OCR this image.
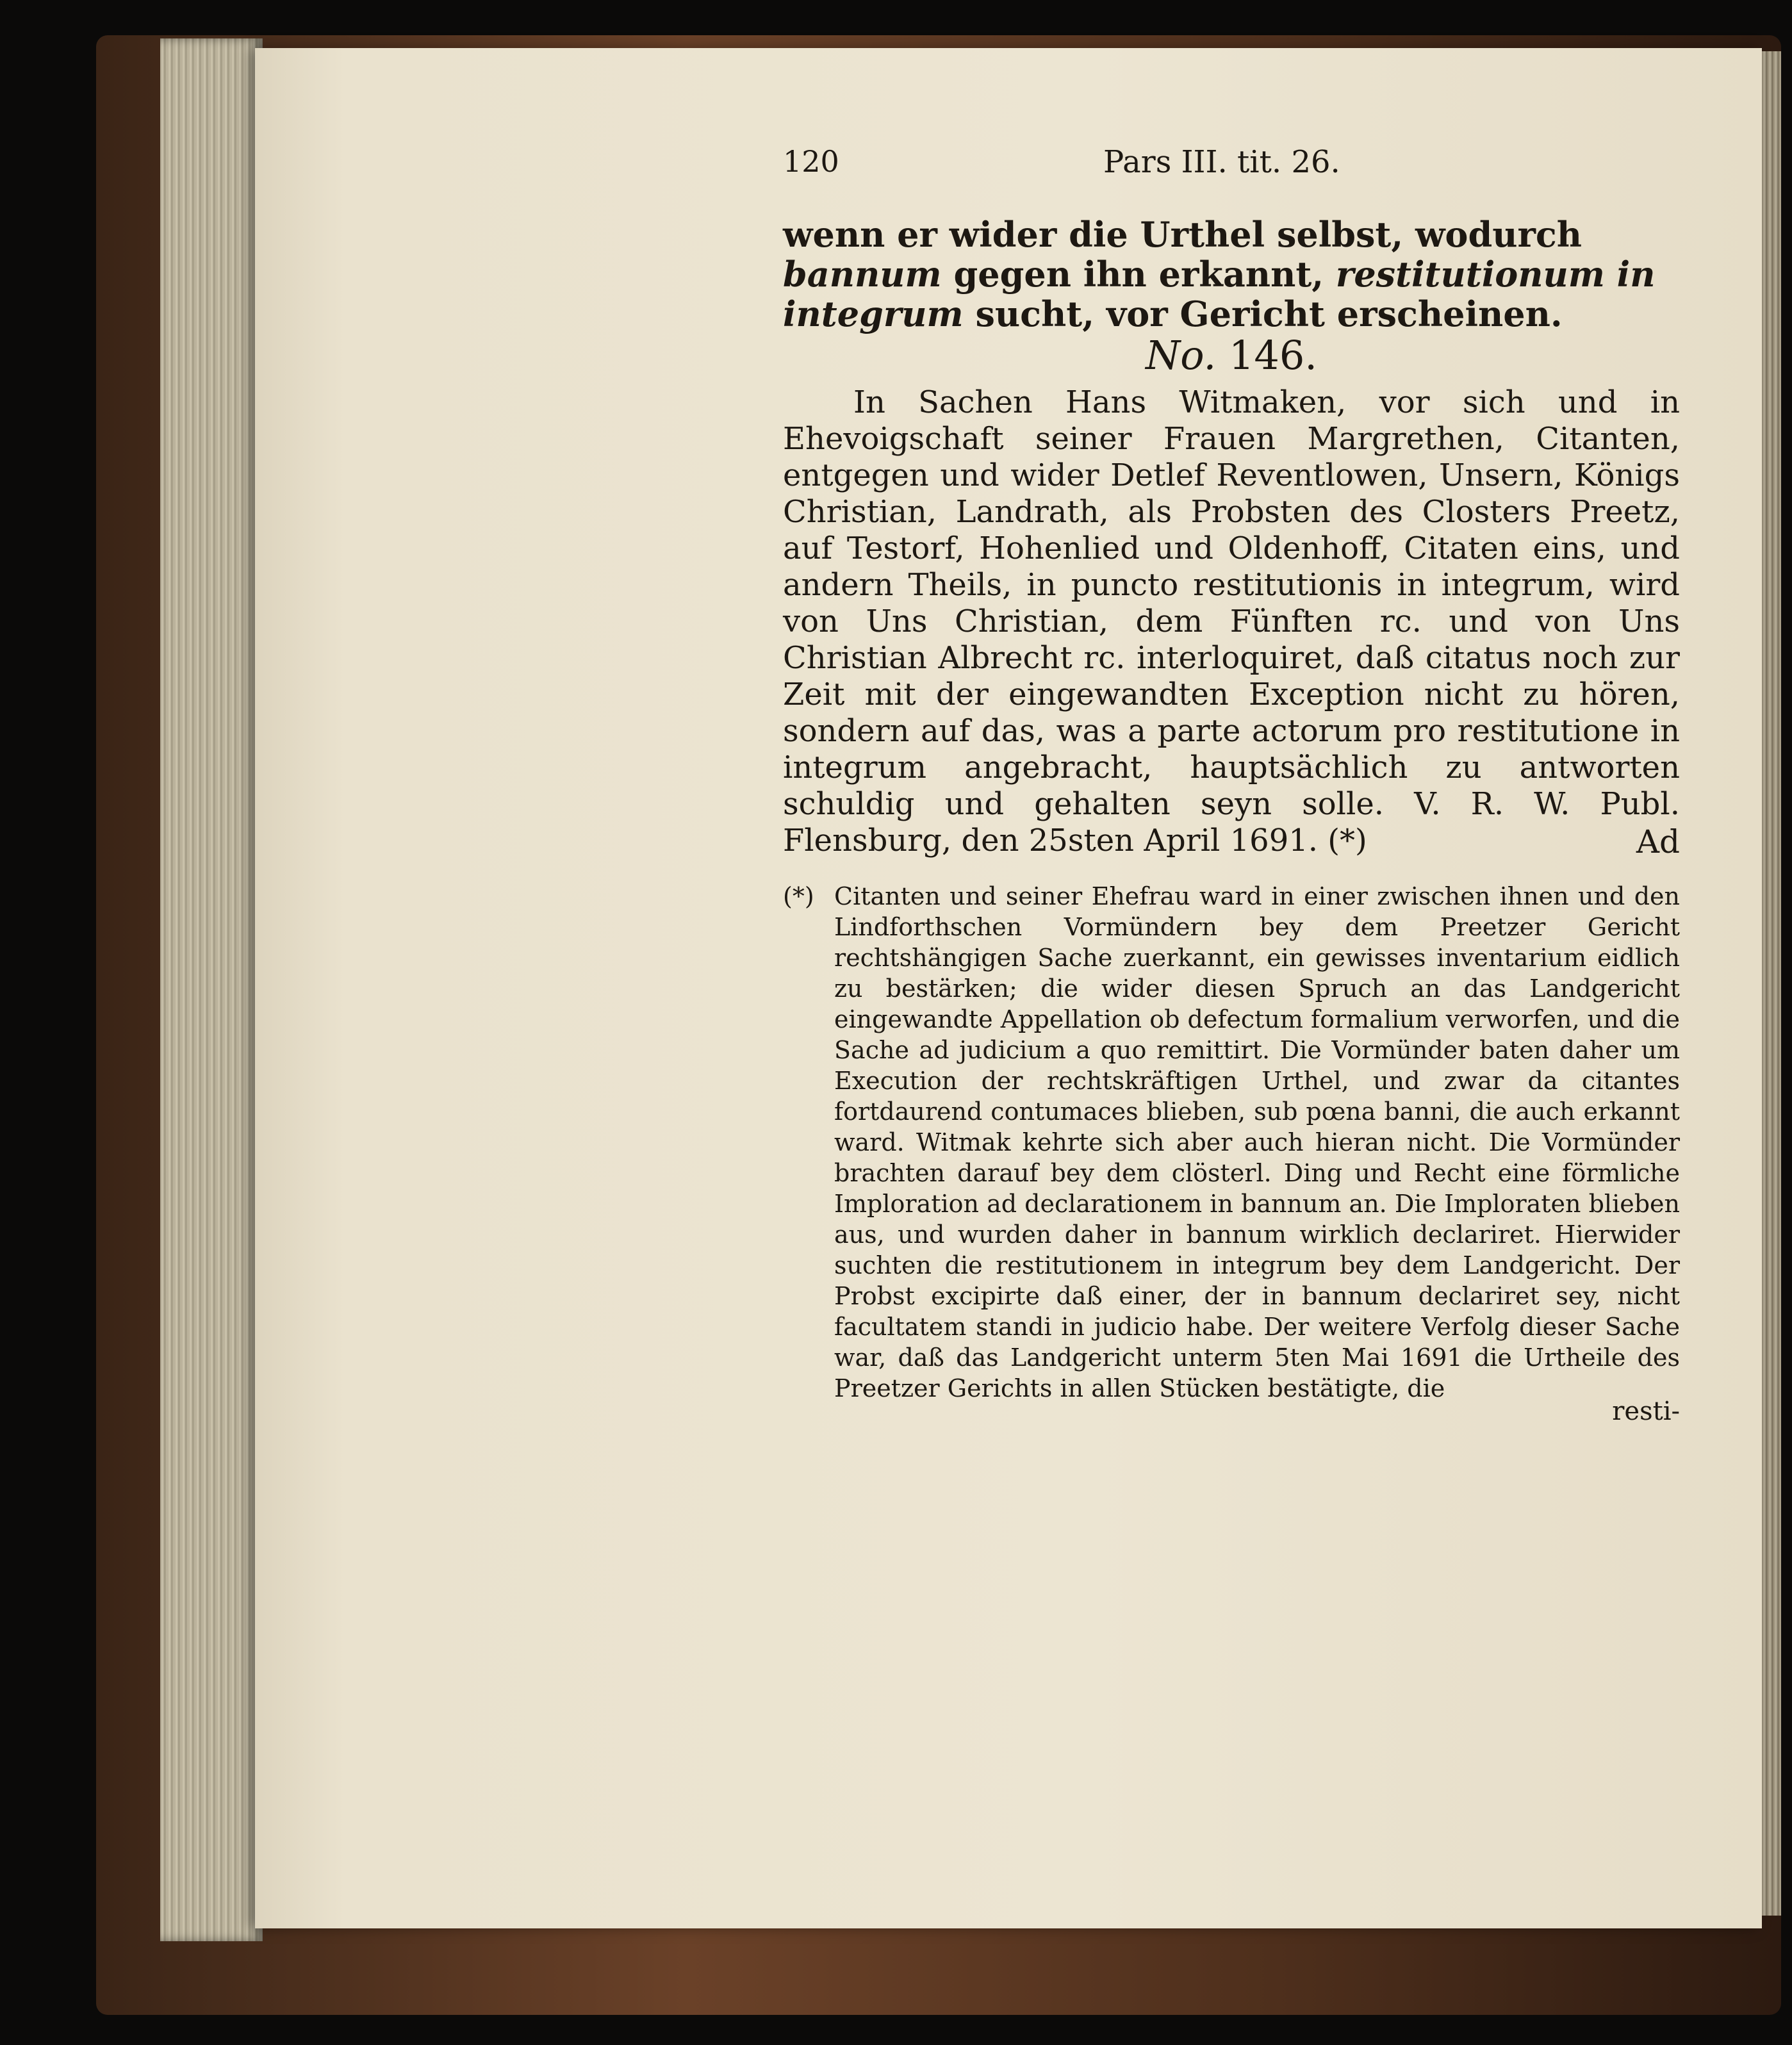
120	Pars III. tit. 26.
wenn er wider die Urthel selbst, wodurch bannum gegen ihn erkannt, restitutionum in integrum sucht, vor Gericht erscheinen.
No. 146.
In Sachen Hans Witmaken, vor sich und in Ehevoigschaft seiner Frauen Margrethen, Citanten, entgegen und wider Detlef Reventlowen, Unsern, Königs Christian, Landrath, als Probsten des Closters Preetz, auf Testorf, Hohenlied und Oldenhoff, Citaten eins, und andern Theils, in puncto restitutionis in integrum, wird von Uns Christian, dem Fünften rc. und von Uns Christian Albrecht rc. interloquiret, daß citatus noch zur Zeit mit der eingewandten Exception nicht zu hören, sondern auf das, was a parte actorum pro restitutione in integrum angebracht, hauptsächlich zu antworten schuldig und gehalten seyn solle. V. R. W. Publ. Flensburg, den 25sten April 1691. (*)	Ad
(*) Citanten und seiner Ehefrau ward in einer zwischen ihnen und den Lindforthschen Vormündern bey dem Preetzer Gericht rechtshängigen Sache zuerkannt, ein gewisses inventarium eidlich zu bestärken; die wider diesen Spruch an das Landgericht eingewandte Appellation ob defectum formalium verworfen, und die Sache ad judicium a quo remittirt. Die Vormünder baten daher um Execution der rechtskräftigen Urthel, und zwar da citantes fortdaurend contumaces blieben, sub pœna banni, die auch erkannt ward. Witmak kehrte sich aber auch hieran nicht. Die Vormünder brachten darauf bey dem clösterl. Ding und Recht eine förmliche Imploration ad declarationem in bannum an. Die Imploraten blieben aus, und wurden daher in bannum wirklich declariret. Hierwider suchten die restitutionem in integrum bey dem Landgericht. Der Probst excipirte daß einer, der in bannum declariret sey, nicht facultatem standi in judicio habe. Der weitere Verfolg dieser Sache war, daß das Landgericht unterm 5ten Mai 1691 die Urtheile des Preetzer Gerichts in allen Stücken bestätigte, die
resti-
